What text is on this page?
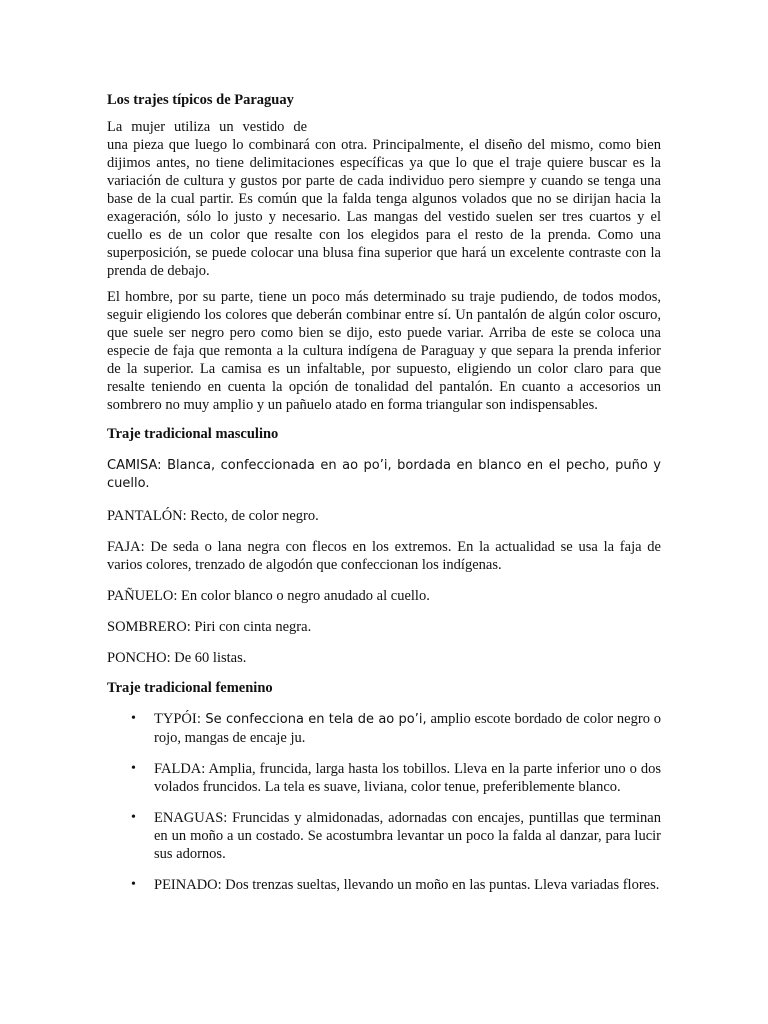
Los trajes típicos de Paraguay

La mujer utiliza un vestido de
una pieza que luego lo combinará con otra. Principalmente, el diseño del mismo, como bien dijimos antes, no tiene delimitaciones específicas ya que lo que el traje quiere buscar es la variación de cultura y gustos por parte de cada individuo pero siempre y cuando se tenga una base de la cual partir. Es común que la falda tenga algunos volados que no se dirijan hacia la exageración, sólo lo justo y necesario. Las mangas del vestido suelen ser tres cuartos y el cuello es de un color que resalte con los elegidos para el resto de la prenda. Como una superposición, se puede colocar una blusa fina superior que hará un excelente contraste con la prenda de debajo.

El hombre, por su parte, tiene un poco más determinado su traje pudiendo, de todos modos, seguir eligiendo los colores que deberán combinar entre sí. Un pantalón de algún color oscuro, que suele ser negro pero como bien se dijo, esto puede variar. Arriba de este se coloca una especie de faja que remonta a la cultura indígena de Paraguay y que separa la prenda inferior de la superior. La camisa es un infaltable, por supuesto, eligiendo un color claro para que resalte teniendo en cuenta la opción de tonalidad del pantalón. En cuanto a accesorios un sombrero no muy amplio y un pañuelo atado en forma triangular son indispensables.

Traje tradicional masculino

CAMISA: Blanca, confeccionada en ao po’i, bordada en blanco en el pecho, puño y cuello.

PANTALÓN: Recto, de color negro.

FAJA: De seda o lana negra con flecos en los extremos. En la actualidad se usa la faja de varios colores, trenzado de algodón que confeccionan los indígenas.

PAÑUELO: En color blanco o negro anudado al cuello.

SOMBRERO: Piri con cinta negra.

PONCHO: De 60 listas.

Traje tradicional femenino
• TYPÓI: Se confecciona en tela de ao po’i, amplio escote bordado de color negro o rojo, mangas de encaje ju.
• FALDA: Amplia, fruncida, larga hasta los tobillos. Lleva en la parte inferior uno o dos volados fruncidos. La tela es suave, liviana, color tenue, preferiblemente blanco.
• ENAGUAS: Fruncidas y almidonadas, adornadas con encajes, puntillas que terminan en un moño a un costado. Se acostumbra levantar un poco la falda al danzar, para lucir sus adornos.
• PEINADO: Dos trenzas sueltas, llevando un moño en las puntas. Lleva variadas flores.
